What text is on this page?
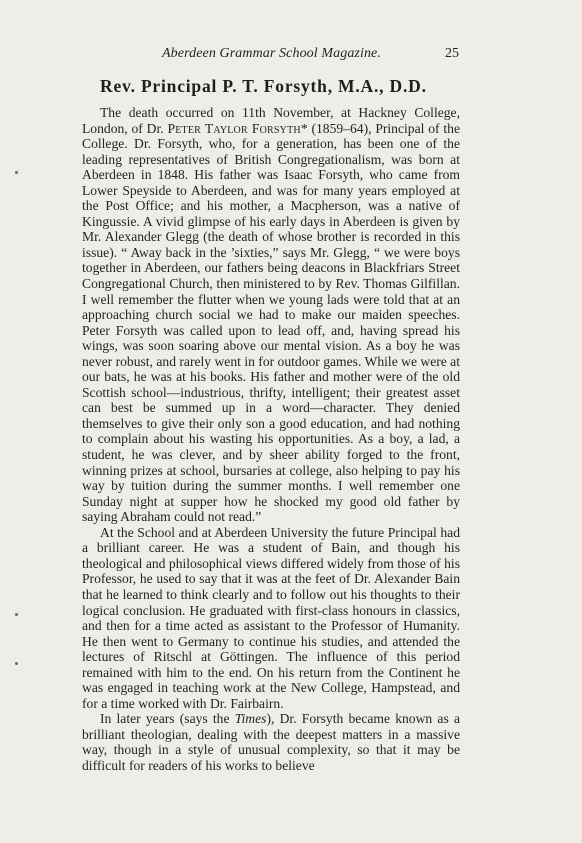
Aberdeen Grammar School Magazine.	25
Rev. Principal P. T. Forsyth, M.A., D.D.

The death occurred on 11th November, at Hackney College, London, of Dr. Peter Taylor Forsyth* (1859–64), Principal of the College. Dr. Forsyth, who, for a generation, has been one of the leading representatives of British Congregationalism, was born at Aberdeen in 1848. His father was Isaac Forsyth, who came from Lower Speyside to Aberdeen, and was for many years employed at the Post Office; and his mother, a Macpherson, was a native of Kingussie. A vivid glimpse of his early days in Aberdeen is given by Mr. Alexander Glegg (the death of whose brother is recorded in this issue). “ Away back in the ’sixties,” says Mr. Glegg, “ we were boys together in Aberdeen, our fathers being deacons in Blackfriars Street Congregational Church, then ministered to by Rev. Thomas Gilfillan. I well remember the flutter when we young lads were told that at an approaching church social we had to make our maiden speeches. Peter Forsyth was called upon to lead off, and, having spread his wings, was soon soaring above our mental vision. As a boy he was never robust, and rarely went in for outdoor games. While we were at our bats, he was at his books. His father and mother were of the old Scottish school—industrious, thrifty, intelligent; their greatest asset can best be summed up in a word—character. They denied themselves to give their only son a good education, and had nothing to complain about his wasting his opportunities. As a boy, a lad, a student, he was clever, and by sheer ability forged to the front, winning prizes at school, bursaries at college, also helping to pay his way by tuition during the summer months. I well remember one Sunday night at supper how he shocked my good old father by saying Abraham could not read.”

At the School and at Aberdeen University the future Principal had a brilliant career. He was a student of Bain, and though his theological and philosophical views differed widely from those of his Professor, he used to say that it was at the feet of Dr. Alexander Bain that he learned to think clearly and to follow out his thoughts to their logical conclusion. He graduated with first-class honours in classics, and then for a time acted as assistant to the Professor of Humanity. He then went to Germany to continue his studies, and attended the lectures of Ritschl at Göttingen. The influence of this period remained with him to the end. On his return from the Continent he was engaged in teaching work at the New College, Hampstead, and for a time worked with Dr. Fairbairn.

In later years (says the Times), Dr. Forsyth became known as a brilliant theologian, dealing with the deepest matters in a massive way, though in a style of unusual complexity, so that it may be difficult for readers of his works to believe
